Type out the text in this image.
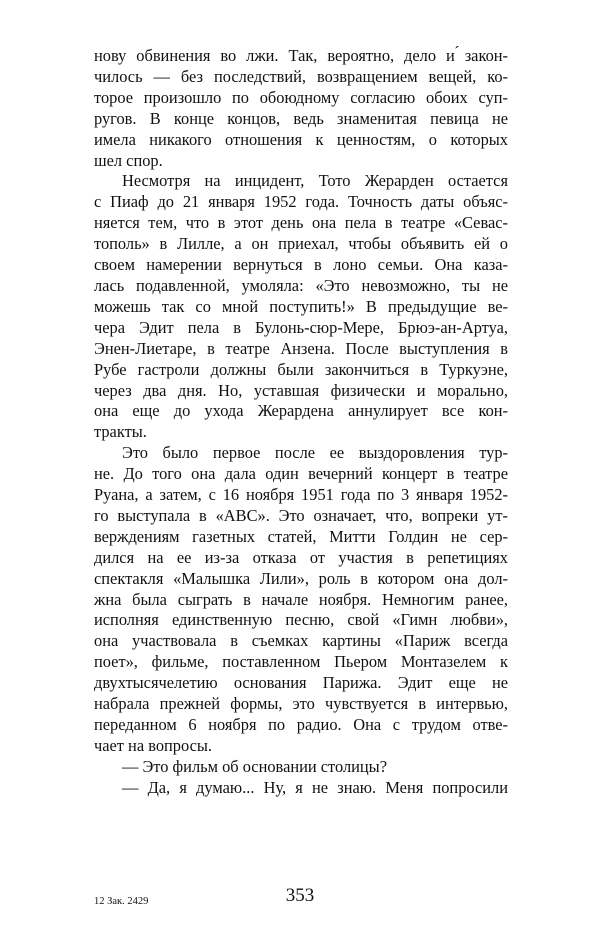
нову обвинения во лжи. Так, вероятно, дело и ́закон-
чилось — без последствий, возвращением вещей, ко-
торое произошло по обоюдному согласию обоих суп-
ругов. В конце концов, ведь знаменитая певица не
имела никакого отношения к ценностям, о которых
шел спор.

Несмотря на инцидент, Тото Жерарден остается
с Пиаф до 21 января 1952 года. Точность даты объяс-
няется тем, что в этот день она пела в театре «Севас-
тополь» в Лилле, а он приехал, чтобы объявить ей о
своем намерении вернуться в лоно семьи. Она каза-
лась подавленной, умоляла: «Это невозможно, ты не
можешь так со мной поступить!» В предыдущие ве-
чера Эдит пела в Булонь-сюр-Мере, Брюэ-ан-Артуа,
Энен-Лиетаре, в театре Анзена. После выступления в
Рубе гастроли должны были закончиться в Туркуэне,
через два дня. Но, уставшая физически и морально,
она еще до ухода Жерардена аннулирует все кон-
тракты.

Это было первое после ее выздоровления тур-
не. До того она дала один вечерний концерт в театре
Руана, а затем, с 16 ноября 1951 года по 3 января 1952-
го выступала в «АВС». Это означает, что, вопреки ут-
верждениям газетных статей, Митти Голдин не сер-
дился на ее из-за отказа от участия в репетициях
спектакля «Малышка Лили», роль в котором она дол-
жна была сыграть в начале ноября. Немногим ранее,
исполняя единственную песню, свой «Гимн любви»,
она участвовала в съемках картины «Париж всегда
поет», фильме, поставленном Пьером Монтазелем к
двухтысячелетию основания Парижа. Эдит еще не
набрала прежней формы, это чувствуется в интервью,
переданном 6 ноября по радио. Она с трудом отве-
чает на вопросы.

— Это фильм об основании столицы?
— Да, я думаю... Ну, я не знаю. Меня попросили

12 Зак. 2429	353
